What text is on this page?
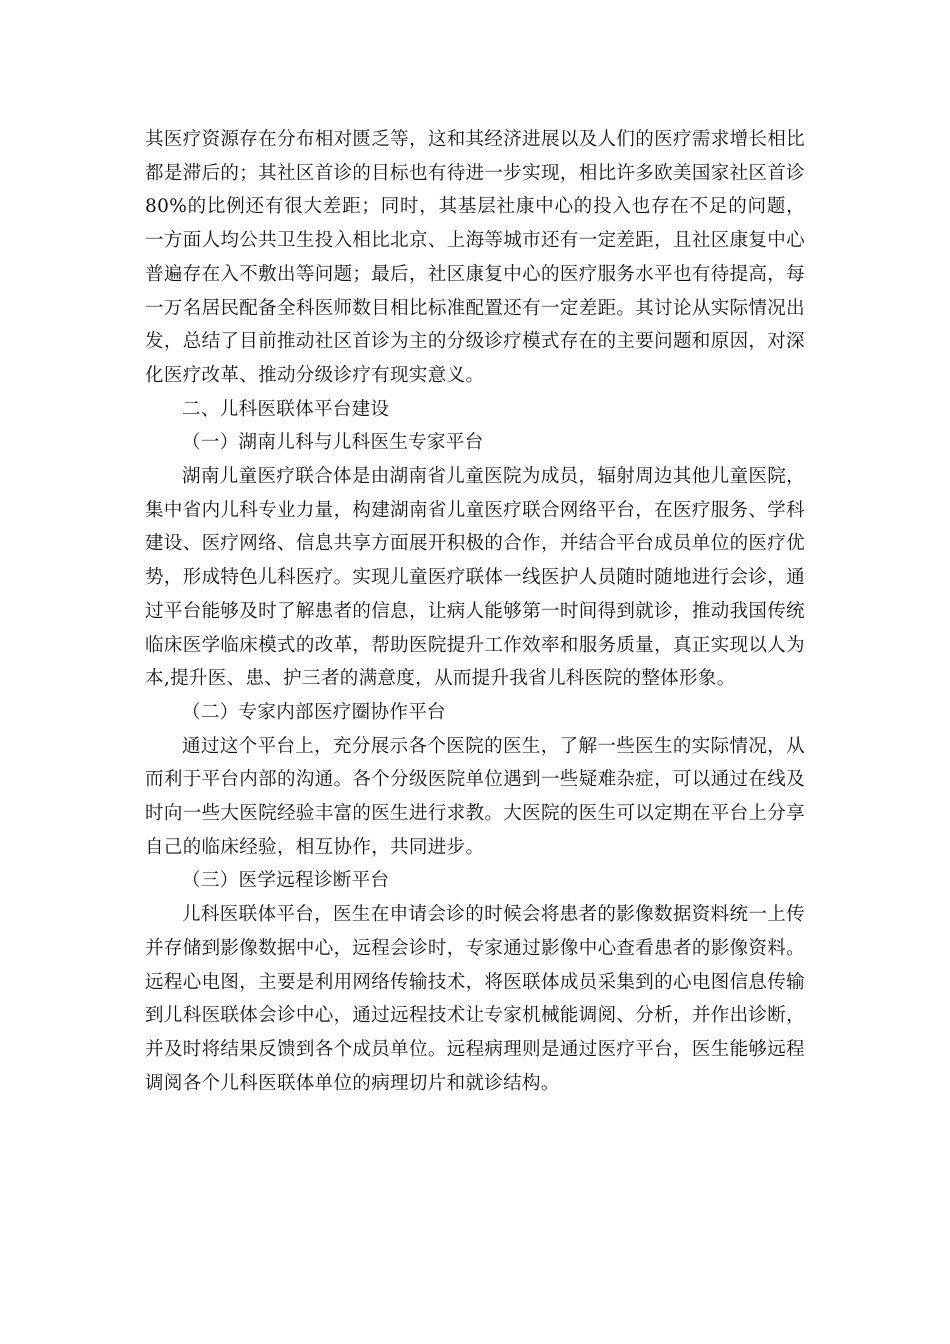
其医疗资源存在分布相对匮乏等，这和其经济进展以及人们的医疗需求增长相比都是滞后的；其社区首诊的目标也有待进一步实现，相比许多欧美国家社区首诊80%的比例还有很大差距；同时，其基层社康中心的投入也存在不足的问题，一方面人均公共卫生投入相比北京、上海等城市还有一定差距，且社区康复中心普遍存在入不敷出等问题；最后，社区康复中心的医疗服务水平也有待提高，每一万名居民配备全科医师数目相比标准配置还有一定差距。其讨论从实际情况出发，总结了目前推动社区首诊为主的分级诊疗模式存在的主要问题和原因，对深化医疗改革、推动分级诊疗有现实意义。

二、儿科医联体平台建设

（一）湖南儿科与儿科医生专家平台

湖南儿童医疗联合体是由湖南省儿童医院为成员，辐射周边其他儿童医院，集中省内儿科专业力量，构建湖南省儿童医疗联合网络平台，在医疗服务、学科建设、医疗网络、信息共享方面展开积极的合作，并结合平台成员单位的医疗优势，形成特色儿科医疗。实现儿童医疗联体一线医护人员随时随地进行会诊，通过平台能够及时了解患者的信息，让病人能够第一时间得到就诊，推动我国传统临床医学临床模式的改革，帮助医院提升工作效率和服务质量，真正实现以人为本,提升医、患、护三者的满意度，从而提升我省儿科医院的整体形象。

（二）专家内部医疗圈协作平台

通过这个平台上，充分展示各个医院的医生，了解一些医生的实际情况，从而利于平台内部的沟通。各个分级医院单位遇到一些疑难杂症，可以通过在线及时向一些大医院经验丰富的医生进行求教。大医院的医生可以定期在平台上分享自己的临床经验，相互协作，共同进步。

（三）医学远程诊断平台

儿科医联体平台，医生在申请会诊的时候会将患者的影像数据资料统一上传并存储到影像数据中心，远程会诊时，专家通过影像中心查看患者的影像资料。远程心电图，主要是利用网络传输技术，将医联体成员采集到的心电图信息传输到儿科医联体会诊中心，通过远程技术让专家机械能调阅、分析，并作出诊断，并及时将结果反馈到各个成员单位。远程病理则是通过医疗平台，医生能够远程调阅各个儿科医联体单位的病理切片和就诊结构。
